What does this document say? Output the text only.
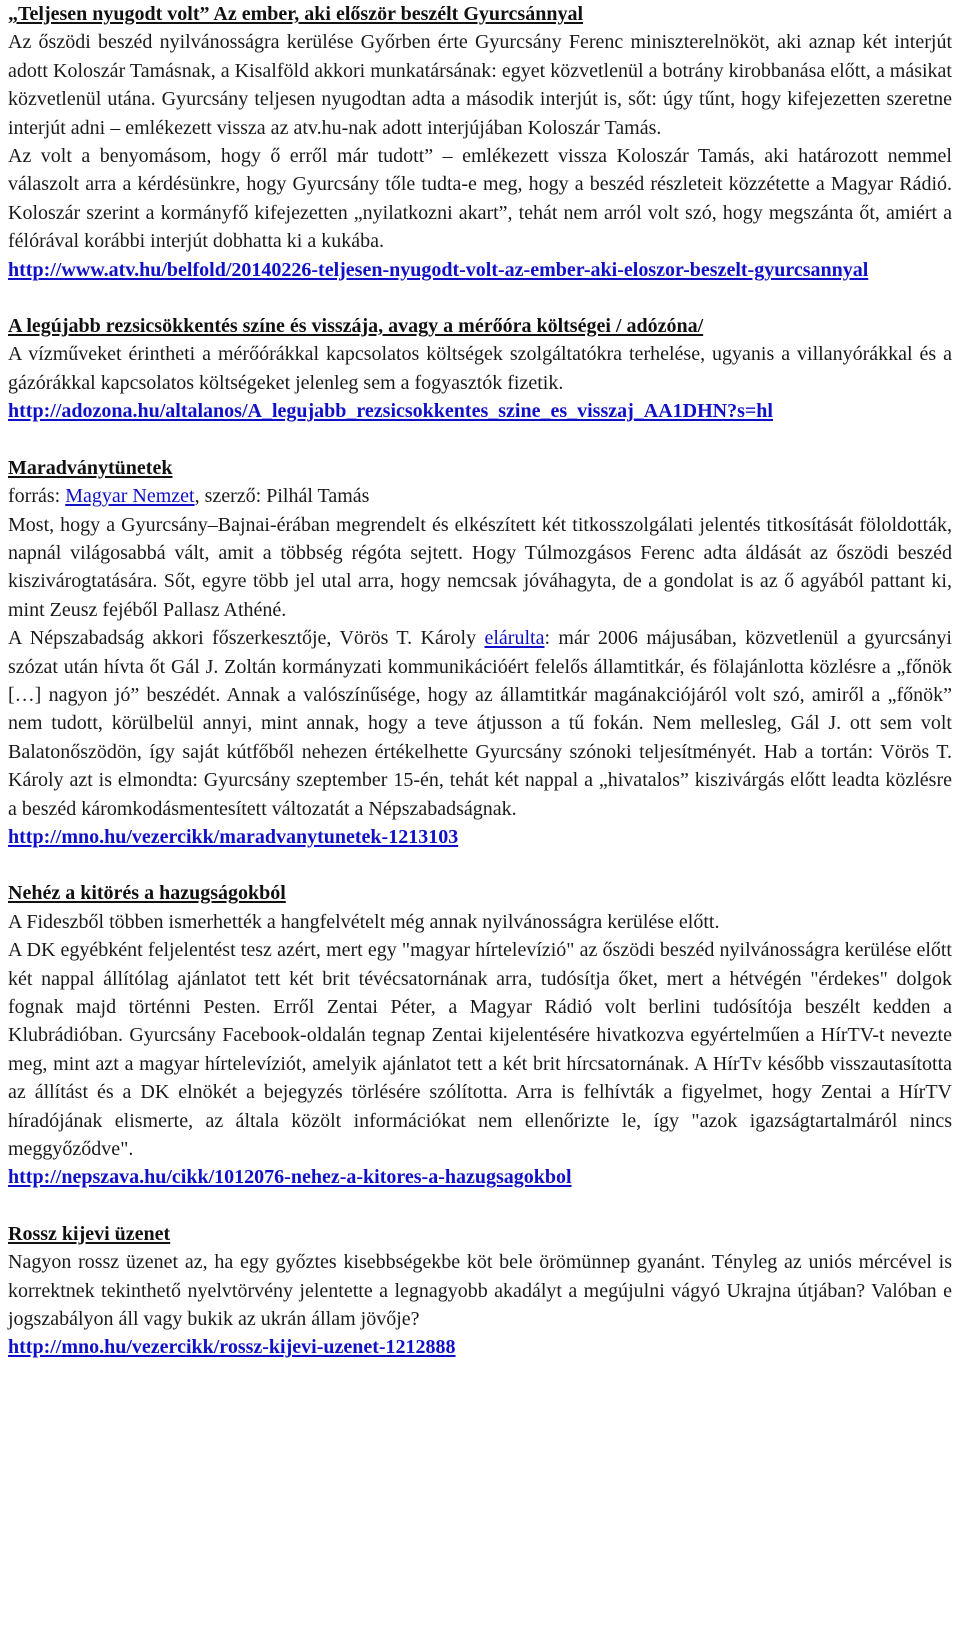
„Teljesen nyugodt volt” Az ember, aki először beszélt Gyurcsánnyal
Az őszödi beszéd nyilvánosságra kerülése Győrben érte Gyurcsány Ferenc miniszterelnököt, aki aznap két interjút adott Koloszár Tamásnak, a Kisalföld akkori munkatársának: egyet közvetlenül a botrány kirobbanása előtt, a másikat közvetlenül utána. Gyurcsány teljesen nyugodtan adta a második interjút is, sőt: úgy tűnt, hogy kifejezetten szeretne interjút adni – emlékezett vissza az atv.hu-nak adott interjújában Koloszár Tamás.
Az volt a benyomásom, hogy ő erről már tudott” – emlékezett vissza Koloszár Tamás, aki határozott nemmel válaszolt arra a kérdésünkre, hogy Gyurcsány tőle tudta-e meg, hogy a beszéd részleteit közzétette a Magyar Rádió. Koloszár szerint a kormányfő kifejezetten „nyilatkozni akart”, tehát nem arról volt szó, hogy megszánta őt, amiért a félórával korábbi interjút dobhatta ki a kukába.
http://www.atv.hu/belfold/20140226-teljesen-nyugodt-volt-az-ember-aki-eloszor-beszelt-gyurcsannyal
A legújabb rezsicsökkentés színe és visszája, avagy a mérőóra költségei / adózóna/
A vízműveket érintheti a mérőórákkal kapcsolatos költségek szolgáltatókra terhelése, ugyanis a villanyórákkal és a gázórákkal kapcsolatos költségeket jelenleg sem a fogyasztók fizetik.
http://adozona.hu/altalanos/A_legujabb_rezsicsokkentes_szine_es_visszaj_AA1DHN?s=hl
Maradványtünetek
forrás: Magyar Nemzet, szerző: Pilhál Tamás
Most, hogy a Gyurcsány–Bajnai-érában megrendelt és elkészített két titkosszolgálati jelentés titkosítását föloldották, napnál világosabbá vált, amit a többség régóta sejtett. Hogy Túlmozgásos Ferenc adta áldását az őszödi beszéd kiszivárogtatására. Sőt, egyre több jel utal arra, hogy nemcsak jóváhagyta, de a gondolat is az ő agyából pattant ki, mint Zeusz fejéből Pallasz Athéné.
A Népszabadság akkori főszerkesztője, Vörös T. Károly elárulta: már 2006 májusában, közvetlenül a gyurcsányi szózat után hívta őt Gál J. Zoltán kormányzati kommunikációért felelős államtitkár, és fölajánlotta közlésre a „főnök […] nagyon jó” beszédét. Annak a valószínűsége, hogy az államtitkár magánakciójáról volt szó, amiről a „főnök” nem tudott, körülbelül annyi, mint annak, hogy a teve átjusson a tű fokán. Nem mellesleg, Gál J. ott sem volt Balatonőszödön, így saját kútfőből nehezen értékelhette Gyurcsány szónoki teljesítményét. Hab a tortán: Vörös T. Károly azt is elmondta: Gyurcsány szeptember 15-én, tehát két nappal a „hivatalos” kiszivárgás előtt leadta közlésre a beszéd káromkodásmentesített változatát a Népszabadságnak.
http://mno.hu/vezercikk/maradvanytunetek-1213103
Nehéz a kitörés a hazugságokból
A Fideszből többen ismerhették a hangfelvételt még annak nyilvánosságra kerülése előtt.
A DK egyébként feljelentést tesz azért, mert egy "magyar hírtelevízió" az őszödi beszéd nyilvánosságra kerülése előtt két nappal állítólag ajánlatot tett két brit tévécsatornának arra, tudósítja őket, mert a hétvégén "érdekes" dolgok fognak majd történni Pesten. Erről Zentai Péter, a Magyar Rádió volt berlini tudósítója beszélt kedden a Klubrádióban. Gyurcsány Facebook-oldalán tegnap Zentai kijelentésére hivatkozva egyértelműen a HírTV-t nevezte meg, mint azt a magyar hírtelevíziót, amelyik ajánlatot tett a két brit hírcsatornának. A HírTv később visszautasította az állítást és a DK elnökét a bejegyzés törlésére szólította. Arra is felhívták a figyelmet, hogy Zentai a HírTV híradójának elismerte, az általa közölt információkat nem ellenőrizte le, így "azok igazságtartalmáról nincs meggyőződve".
http://nepszava.hu/cikk/1012076-nehez-a-kitores-a-hazugsagokbol
Rossz kijevi üzenet
Nagyon rossz üzenet az, ha egy győztes kisebbségekbe köt bele örömünnep gyanánt. Tényleg az uniós mércével is korrektnek tekinthető nyelvtörvény jelentette a legnagyobb akadályt a megújulni vágyó Ukrajna útjában? Valóban e jogszabályon áll vagy bukik az ukrán állam jövője?
http://mno.hu/vezercikk/rossz-kijevi-uzenet-1212888
